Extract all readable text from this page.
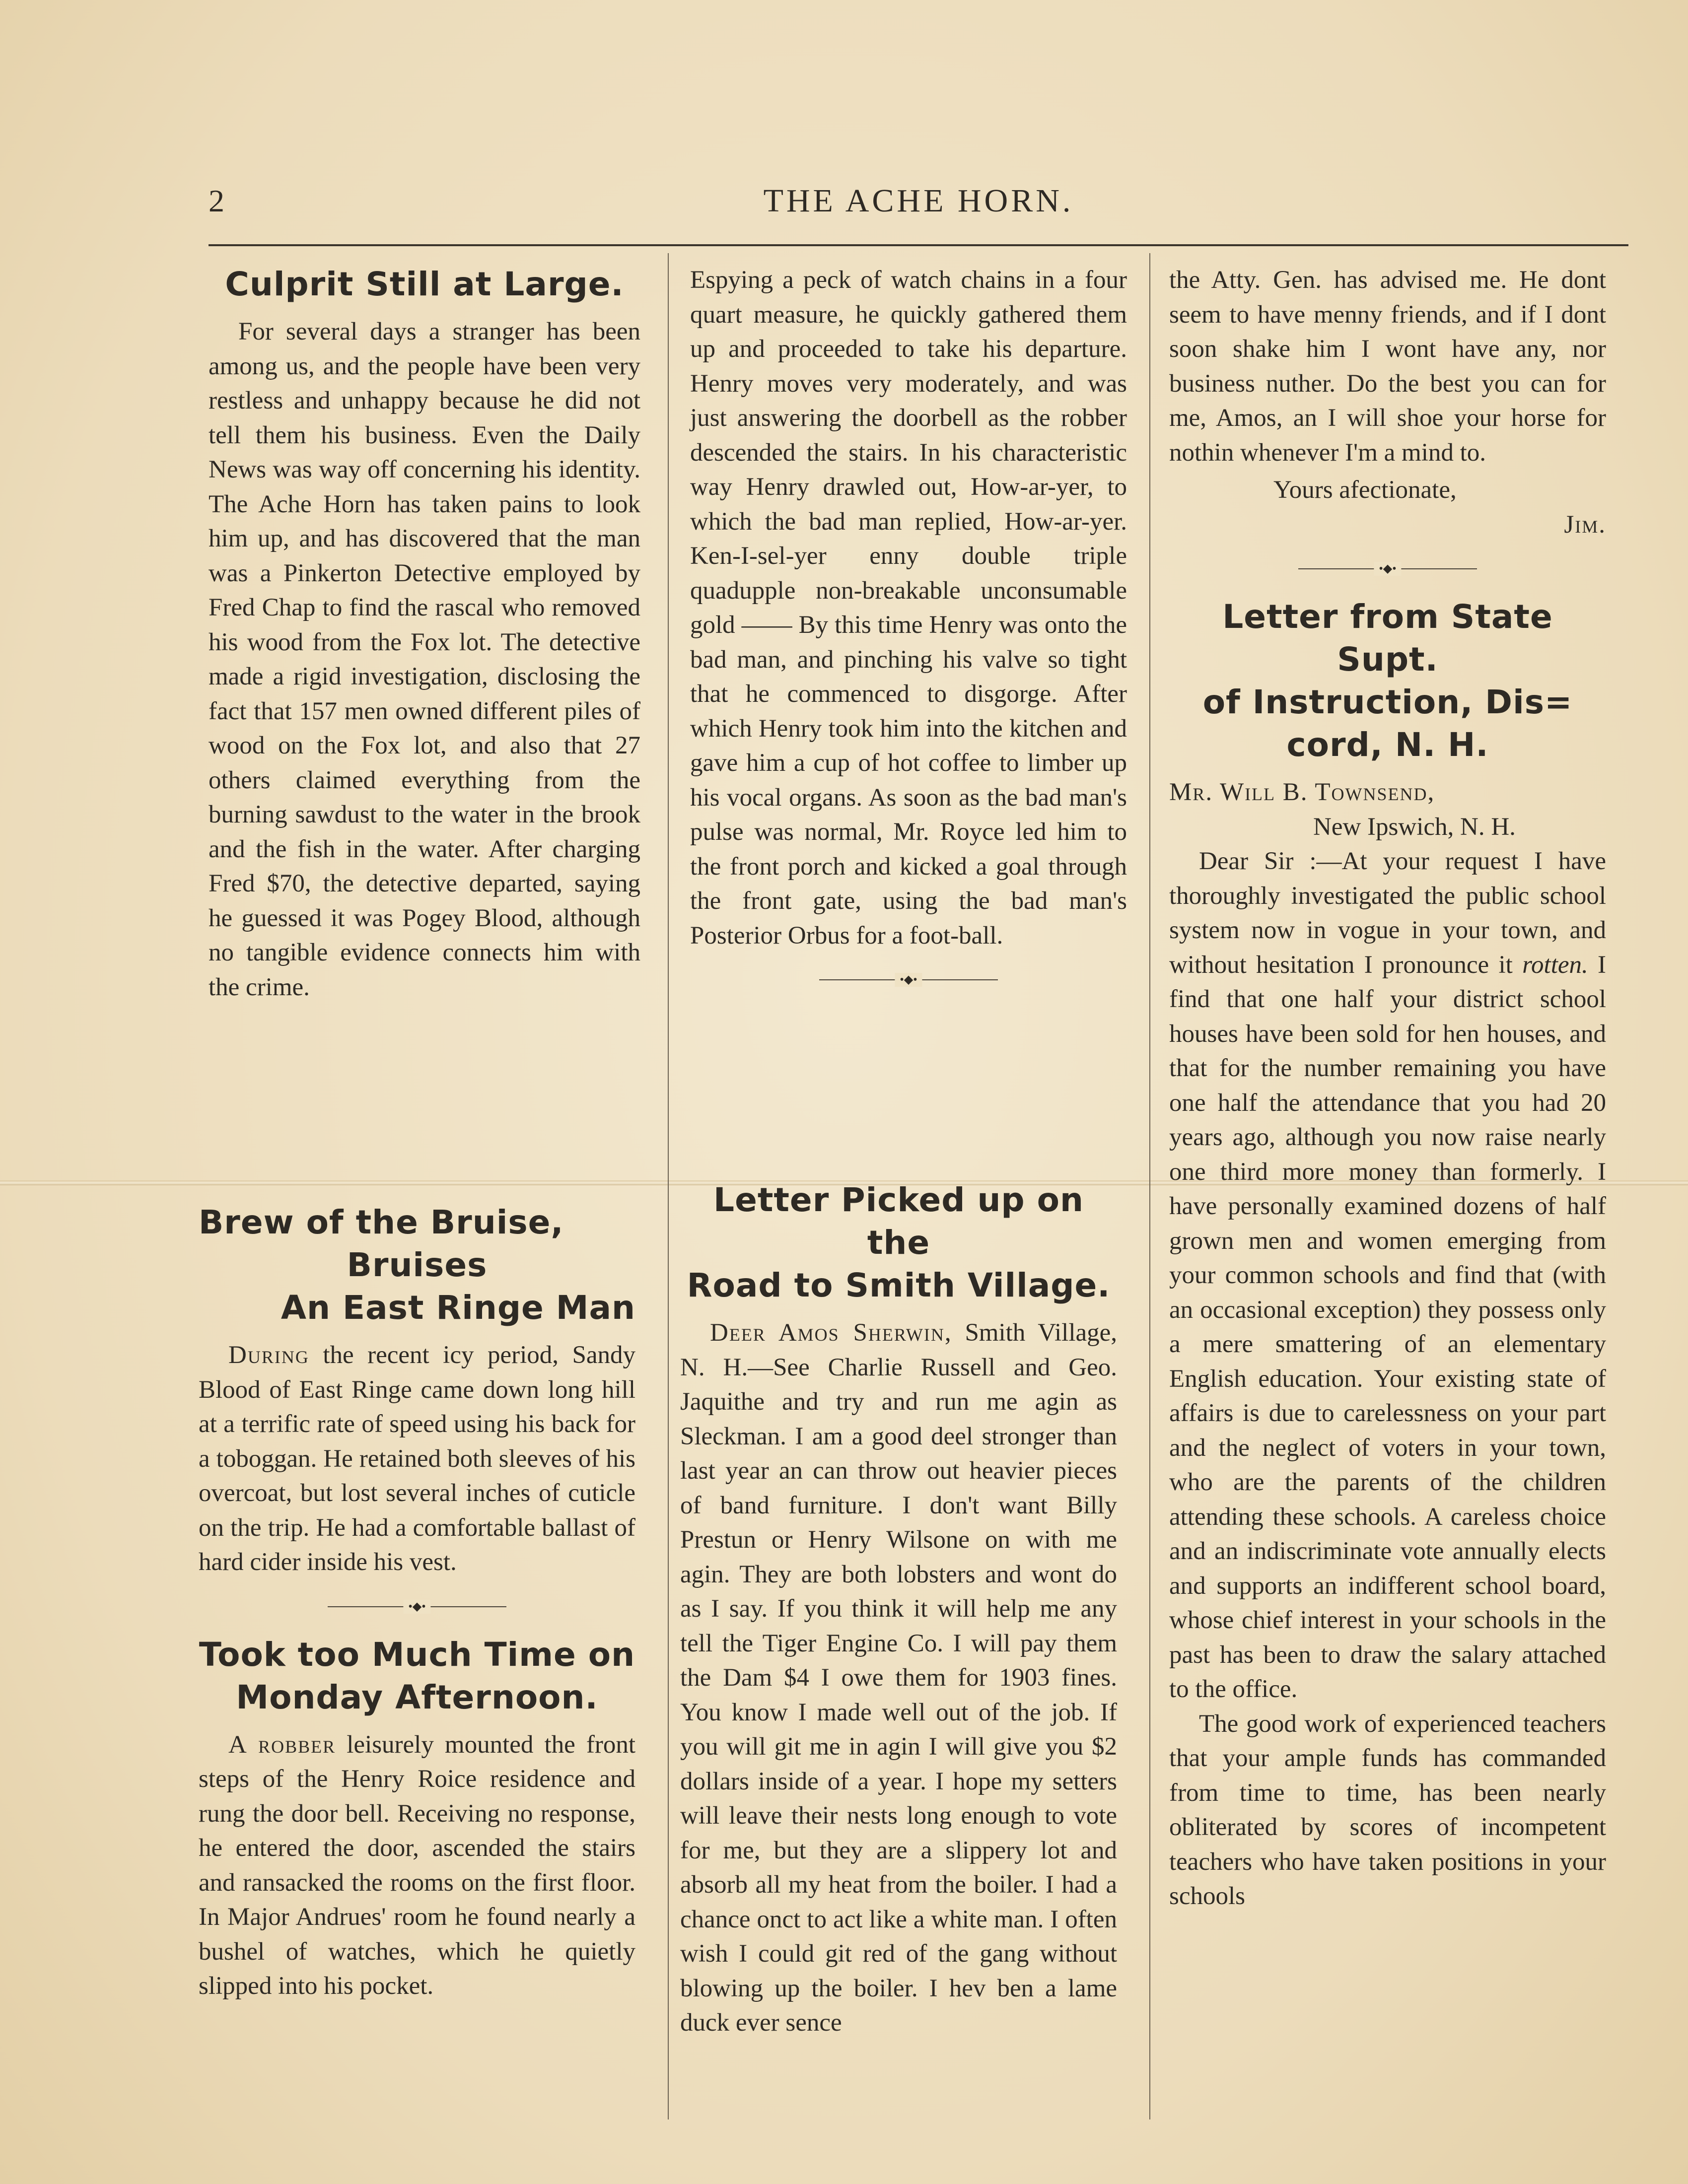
2	THE ACHE HORN.
Culprit Still at Large.

For several days a stranger has been among us, and the people have been very restless and unhappy because he did not tell them his business. Even the Daily News was way off concerning his identity. The Ache Horn has taken pains to look him up, and has discovered that the man was a Pinkerton Detective employed by Fred Chap to find the rascal who removed his wood from the Fox lot. The detective made a rigid investigation, disclosing the fact that 157 men owned different piles of wood on the Fox lot, and also that 27 others claimed everything from the burning sawdust to the water in the brook and the fish in the water. After charging Fred $70, the detective departed, saying he guessed it was Pogey Blood, although no tangible evidence connects him with the crime.

Brew of the Bruise,
Bruises
An East Ringe Man

During the recent icy period, Sandy Blood of East Ringe came down long hill at a terrific rate of speed using his back for a toboggan. He retained both sleeves of his overcoat, but lost several inches of cuticle on the trip. He had a comfortable ballast of hard cider inside his vest.

•◆•
Took too Much Time on
Monday Afternoon.

A robber leisurely mounted the front steps of the Henry Roice residence and rung the door bell. Receiving no response, he entered the door, ascended the stairs and ransacked the rooms on the first floor. In Major Andrues' room he found nearly a bushel of watches, which he quietly slipped into his pocket.

Espying a peck of watch chains in a four quart measure, he quickly gathered them up and proceeded to take his departure. Henry moves very moderately, and was just answering the doorbell as the robber descended the stairs. In his characteristic way Henry drawled out, How-ar-yer, to which the bad man replied, How-ar-yer. Ken-I-sel-yer enny double triple quadupple non-breakable unconsumable gold —— By this time Henry was onto the bad man, and pinching his valve so tight that he commenced to disgorge. After which Henry took him into the kitchen and gave him a cup of hot coffee to limber up his vocal organs. As soon as the bad man's pulse was normal, Mr. Royce led him to the front porch and kicked a goal through the front gate, using the bad man's Posterior Orbus for a foot-ball.

•◆•
Letter Picked up on the
Road to Smith Village.

Deer Amos Sherwin, Smith Village, N. H.—See Charlie Russell and Geo. Jaquithe and try and run me agin as Sleckman. I am a good deel stronger than last year an can throw out heavier pieces of band furniture. I don't want Billy Prestun or Henry Wilsone on with me agin. They are both lobsters and wont do as I say. If you think it will help me any tell the Tiger Engine Co. I will pay them the Dam $4 I owe them for 1903 fines. You know I made well out of the job. If you will git me in agin I will give you $2 dollars inside of a year. I hope my setters will leave their nests long enough to vote for me, but they are a slippery lot and absorb all my heat from the boiler. I had a chance onct to act like a white man. I often wish I could git red of the gang without blowing up the boiler. I hev ben a lame duck ever sence

the Atty. Gen. has advised me. He dont seem to have menny friends, and if I dont soon shake him I wont have any, nor business nuther. Do the best you can for me, Amos, an I will shoe your horse for nothin whenever I'm a mind to.

Yours afectionate,

Jim.

•◆•
Letter from State Supt.
of Instruction, Dis=
cord, N. H.

Mr. Will B. Townsend,

New Ipswich, N. H.

Dear Sir :—At your request I have thoroughly investigated the public school system now in vogue in your town, and without hesitation I pronounce it rotten. I find that one half your district school houses have been sold for hen houses, and that for the number remaining you have one half the attendance that you had 20 years ago, although you now raise nearly one third more money than formerly. I have personally examined dozens of half grown men and women emerging from your common schools and find that (with an occasional exception) they possess only a mere smattering of an elementary English education. Your existing state of affairs is due to carelessness on your part and the neglect of voters in your town, who are the parents of the children attending these schools. A careless choice and an indiscriminate vote annually elects and supports an indifferent school board, whose chief interest in your schools in the past has been to draw the salary attached to the office.

The good work of experienced teachers that your ample funds has commanded from time to time, has been nearly obliterated by scores of incompetent teachers who have taken positions in your schools
